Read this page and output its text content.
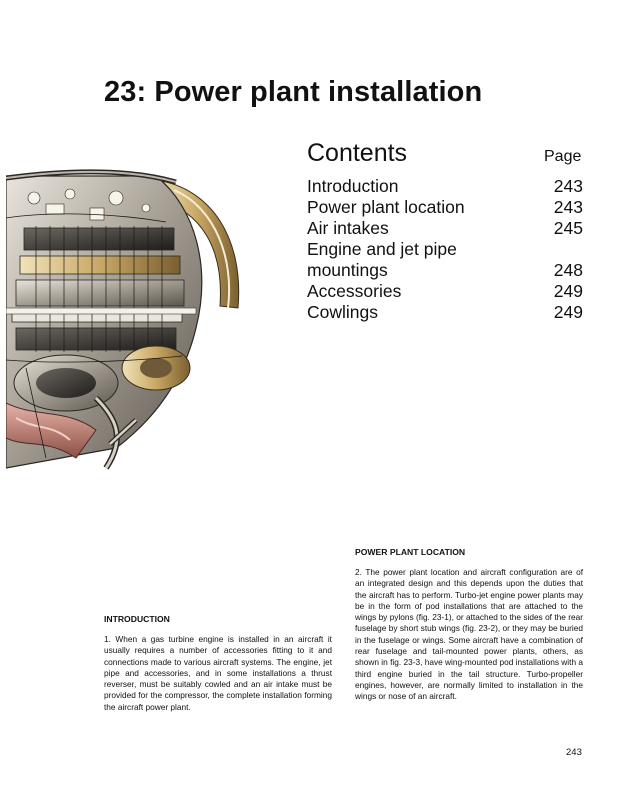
23: Power plant installation
Contents	Page
Introduction	243
Power plant location	243
Air intakes	245
Engine and jet pipe
mountings	248
Accessories	249
Cowlings	249
INTRODUCTION

1. When a gas turbine engine is installed in an aircraft it usually requires a number of accessories fitting to it and connections made to various aircraft systems. The engine, jet pipe and accessories, and in some installations a thrust reverser, must be suitably cowled and an air intake must be provided for the compressor, the complete installation forming the aircraft power plant.

POWER PLANT LOCATION

2. The power plant location and aircraft configuration are of an integrated design and this depends upon the duties that the aircraft has to perform. Turbo-jet engine power plants may be in the form of pod installations that are attached to the wings by pylons (fig. 23-1), or attached to the sides of the rear fuselage by short stub wings (fig. 23-2), or they may be buried in the fuselage or wings. Some aircraft have a combination of rear fuselage and tail-mounted power plants, others, as shown in fig. 23-3, have wing-mounted pod installations with a third engine buried in the tail structure. Turbo-propeller engines, however, are normally limited to installation in the wings or nose of an aircraft.

243
